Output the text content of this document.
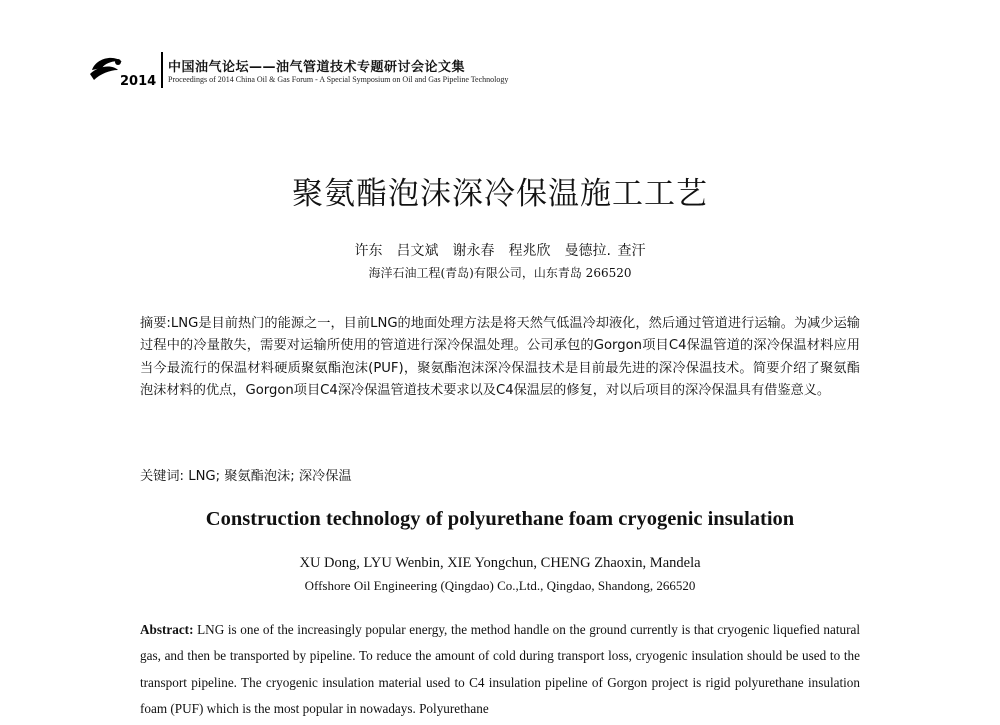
2014
中国油气论坛——油气管道技术专题研讨会论文集
Proceedings of 2014 China Oil & Gas Forum - A Special Symposium on Oil and Gas Pipeline Technology
聚氨酯泡沫深冷保温施工工艺
许东　吕文斌　谢永春　程兆欣　曼德拉. 查汗
海洋石油工程(青岛)有限公司，山东青岛 266520
摘要:LNG是目前热门的能源之一，目前LNG的地面处理方法是将天然气低温冷却液化，然后通过管道进行运输。为减少运输过程中的冷量散失，需要对运输所使用的管道进行深冷保温处理。公司承包的Gorgon项目C4保温管道的深冷保温材料应用当今最流行的保温材料硬质聚氨酯泡沫(PUF)，聚氨酯泡沫深冷保温技术是目前最先进的深冷保温技术。简要介绍了聚氨酯泡沫材料的优点，Gorgon项目C4深冷保温管道技术要求以及C4保温层的修复，对以后项目的深冷保温具有借鉴意义。
关键词: LNG; 聚氨酯泡沫; 深冷保温
Construction technology of polyurethane foam cryogenic insulation
XU Dong, LYU Wenbin, XIE Yongchun, CHENG Zhaoxin, Mandela
Offshore Oil Engineering (Qingdao) Co.,Ltd., Qingdao, Shandong, 266520
Abstract: LNG is one of the increasingly popular energy, the method handle on the ground currently is that cryogenic liquefied natural gas, and then be transported by pipeline. To reduce the amount of cold during transport loss, cryogenic insulation should be used to the transport pipeline. The cryogenic insulation material used to C4 insulation pipeline of Gorgon project is rigid polyurethane insulation foam (PUF) which is the most popular in nowadays. Polyurethane
